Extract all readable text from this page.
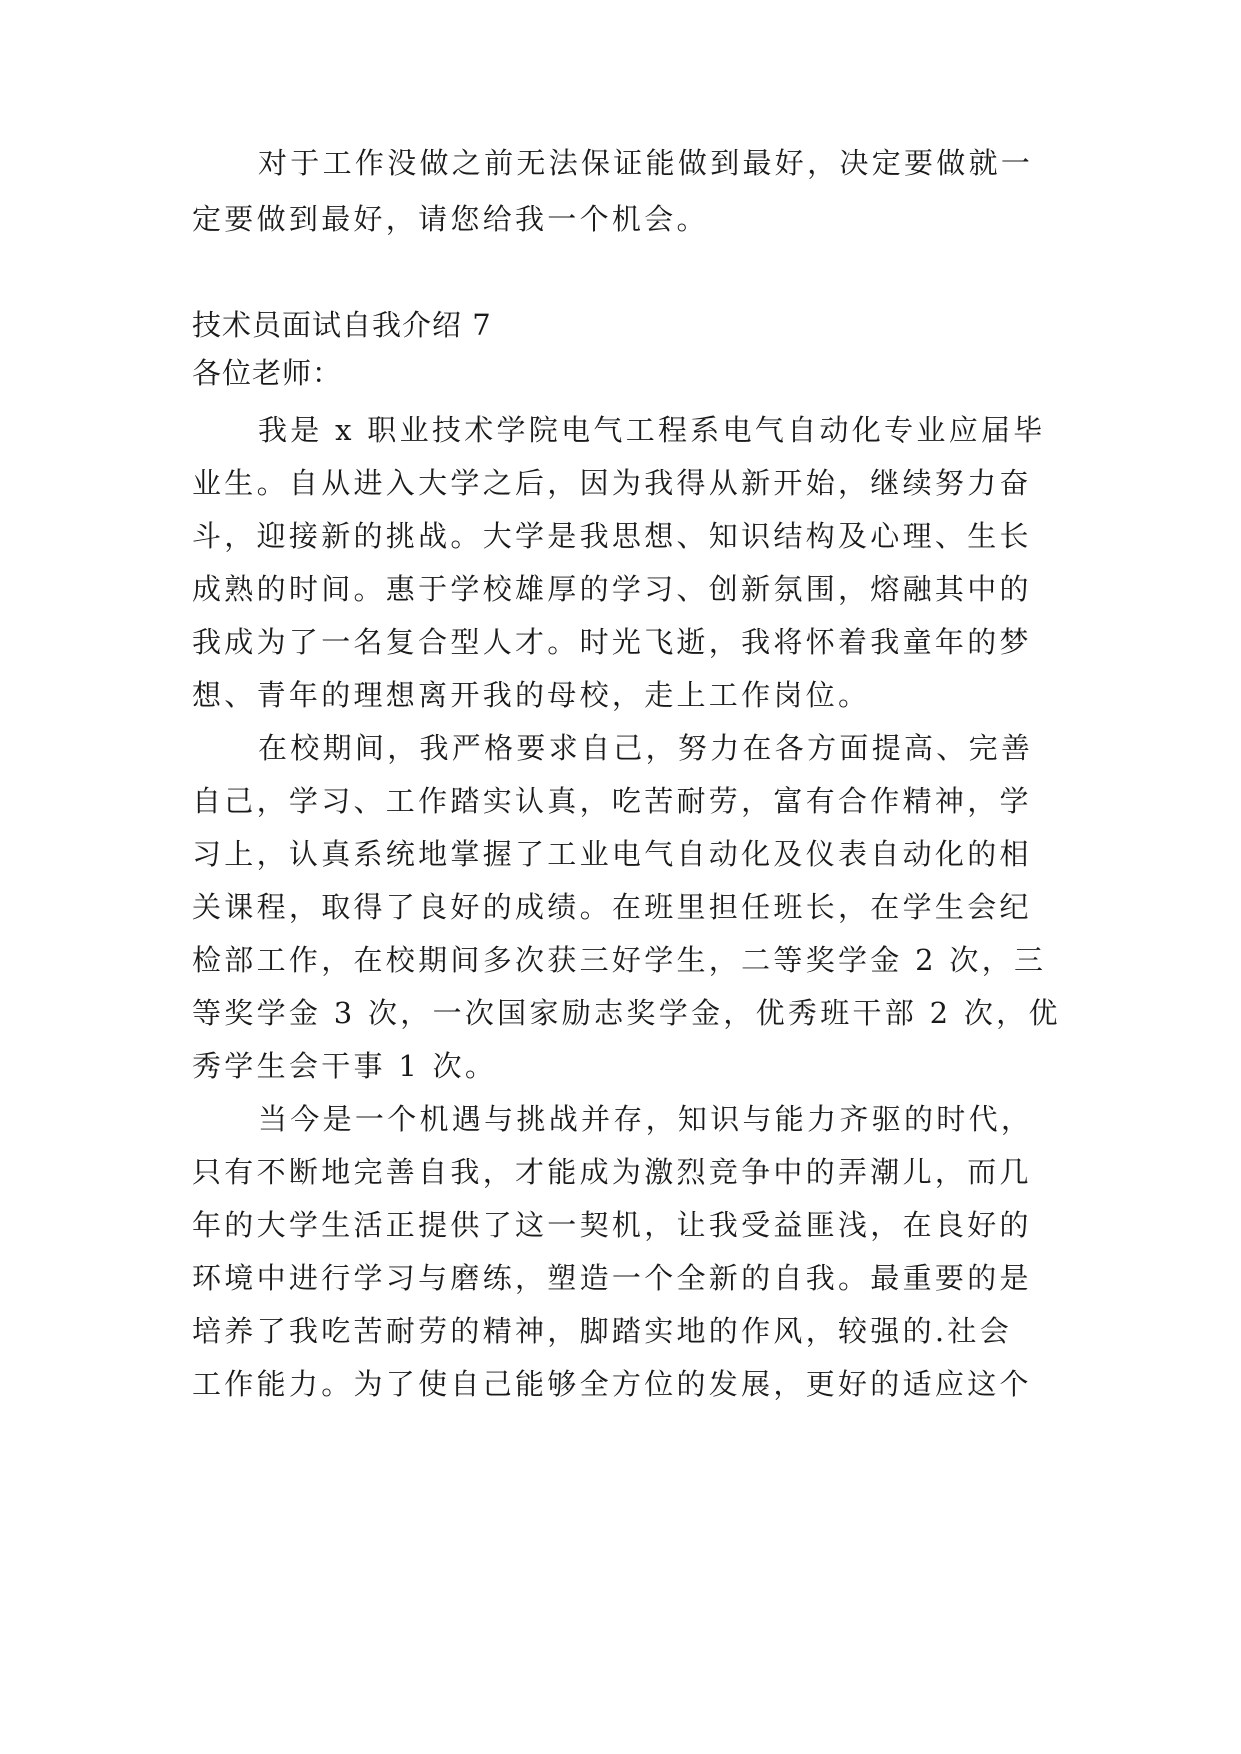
对于工作没做之前无法保证能做到最好，决定要做就一
定要做到最好，请您给我一个机会。
技术员面试自我介绍 7
各位老师：
我是 x 职业技术学院电气工程系电气自动化专业应届毕
业生。自从进入大学之后，因为我得从新开始，继续努力奋
斗，迎接新的挑战。大学是我思想、知识结构及心理、生长
成熟的时间。惠于学校雄厚的学习、创新氛围，熔融其中的
我成为了一名复合型人才。时光飞逝，我将怀着我童年的梦
想、青年的理想离开我的母校，走上工作岗位。
在校期间，我严格要求自己，努力在各方面提高、完善
自己，学习、工作踏实认真，吃苦耐劳，富有合作精神，学
习上，认真系统地掌握了工业电气自动化及仪表自动化的相
关课程，取得了良好的成绩。在班里担任班长，在学生会纪
检部工作，在校期间多次获三好学生，二等奖学金 2 次，三
等奖学金 3 次，一次国家励志奖学金，优秀班干部 2 次，优
秀学生会干事 1 次。
当今是一个机遇与挑战并存，知识与能力齐驱的时代，
只有不断地完善自我，才能成为激烈竞争中的弄潮儿，而几
年的大学生活正提供了这一契机，让我受益匪浅，在良好的
环境中进行学习与磨练，塑造一个全新的自我。最重要的是
培养了我吃苦耐劳的精神，脚踏实地的作风，较强的.社会
工作能力。为了使自己能够全方位的发展，更好的适应这个
